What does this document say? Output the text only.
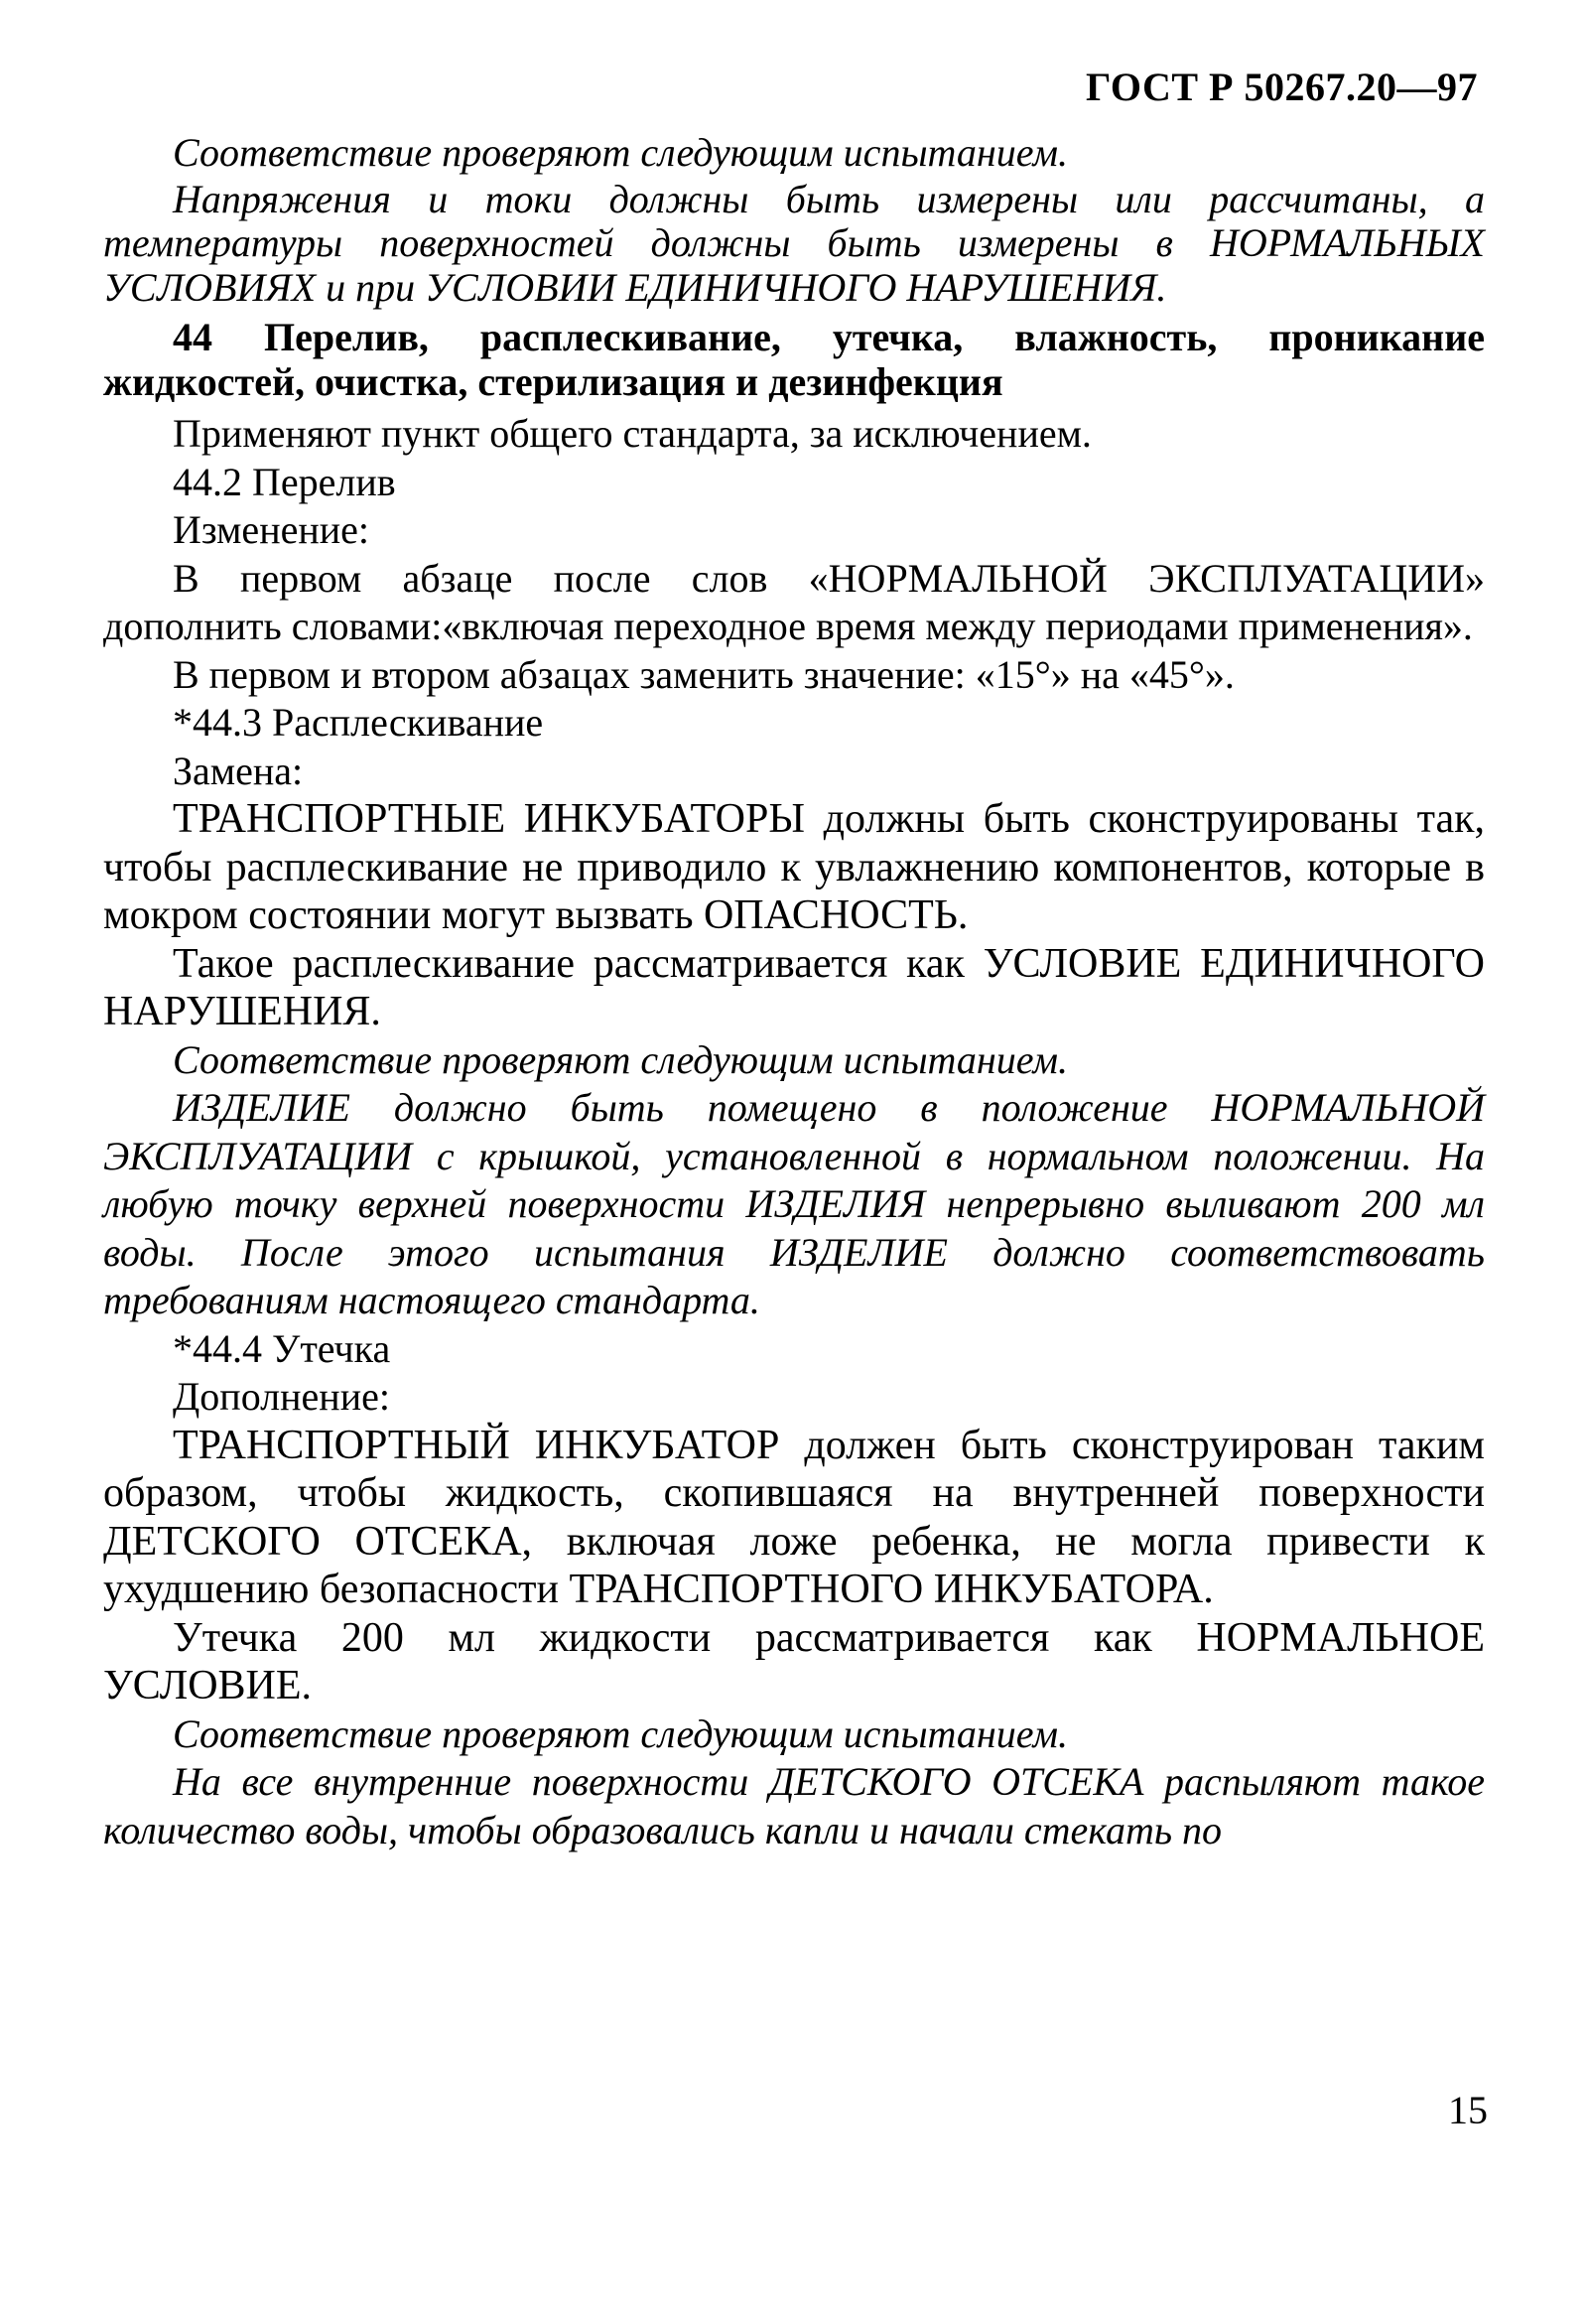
ГОСТ Р 50267.20—97

Соответствие проверяют следующим испытанием.

Напряжения и токи должны быть измерены или рассчитаны, а температуры поверхностей должны быть измерены в НОРМАЛЬНЫХ УСЛОВИЯХ и при УСЛОВИИ ЕДИНИЧНОГО НАРУШЕНИЯ.

44 Перелив, расплескивание, утечка, влажность, проникание жидкостей, очистка, стерилизация и дезинфекция

Применяют пункт общего стандарта, за исключением.

44.2 Перелив

Изменение:

В первом абзаце после слов «НОРМАЛЬНОЙ ЭКСПЛУАТАЦИИ» дополнить словами:«включая переходное время между периодами применения».

В первом и втором абзацах заменить значение: «15°» на «45°».

*44.3 Расплескивание

Замена:

ТРАНСПОРТНЫЕ ИНКУБАТОРЫ должны быть сконструированы так, чтобы расплескивание не приводило к увлажнению компонентов, которые в мокром состоянии могут вызвать ОПАСНОСТЬ.

Такое расплескивание рассматривается как УСЛОВИЕ ЕДИНИЧНОГО НАРУШЕНИЯ.

Соответствие проверяют следующим испытанием.

ИЗДЕЛИЕ должно быть помещено в положение НОРМАЛЬНОЙ ЭКСПЛУАТАЦИИ с крышкой, установленной в нормальном положении. На любую точку верхней поверхности ИЗДЕЛИЯ непрерывно выливают 200 мл воды. После этого испытания ИЗДЕЛИЕ должно соответствовать требованиям настоящего стандарта.

*44.4 Утечка

Дополнение:

ТРАНСПОРТНЫЙ ИНКУБАТОР должен быть сконструирован таким образом, чтобы жидкость, скопившаяся на внутренней поверхности ДЕТСКОГО ОТСЕКА, включая ложе ребенка, не могла привести к ухудшению безопасности ТРАНСПОРТНОГО ИНКУБАТОРА.

Утечка 200 мл жидкости рассматривается как НОРМАЛЬНОЕ УСЛОВИЕ.

Соответствие проверяют следующим испытанием.

На все внутренние поверхности ДЕТСКОГО ОТСЕКА распыляют такое количество воды, чтобы образовались капли и начали стекать по

15
